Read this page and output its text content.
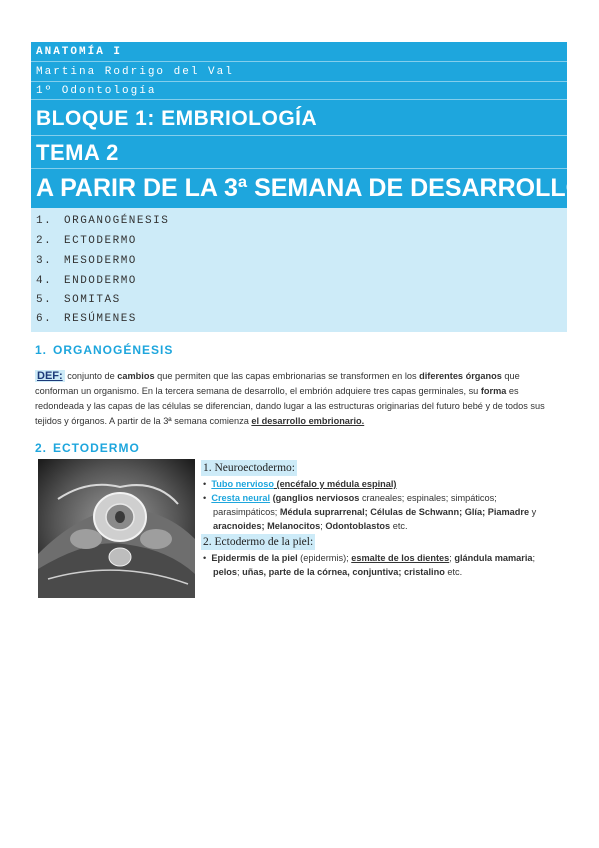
ANATOMÍA I
Martina Rodrigo del Val
1º Odontología
BLOQUE 1: EMBRIOLOGÍA
TEMA 2
A PARIR DE LA 3ª SEMANA DE DESARROLLO
1. ORGANOGÉNESIS
2. ECTODERMO
3. MESODERMO
4. ENDODERMO
5. SOMITAS
6. RESÚMENES
1. ORGANOGÉNESIS
DEF: conjunto de cambios que permiten que las capas embrionarias se transformen en los diferentes órganos que conforman un organismo. En la tercera semana de desarrollo, el embrión adquiere tres capas germinales, su forma es redondeada y las capas de las células se diferencian, dando lugar a las estructuras originarias del futuro bebé y de todos sus tejidos y órganos. A partir de la 3ª semana comienza el desarrollo embrionario.
2. ECTODERMO
1. Neuroectodermo:
•  Tubo nervioso (encéfalo y médula espinal)
•  Cresta neural (ganglios nerviosos craneales; espinales; simpáticos; parasimpáticos; Médula suprarrenal; Células de Schwann; Glía; Piamadre y aracnoides; Melanocitos; Odontoblastos etc.
2. Ectodermo de la piel:
•  Epidermis de la piel (epidermis); esmalte de los dientes; glándula mamaria; pelos; uñas, parte de la córnea, conjuntiva; cristalino etc.
